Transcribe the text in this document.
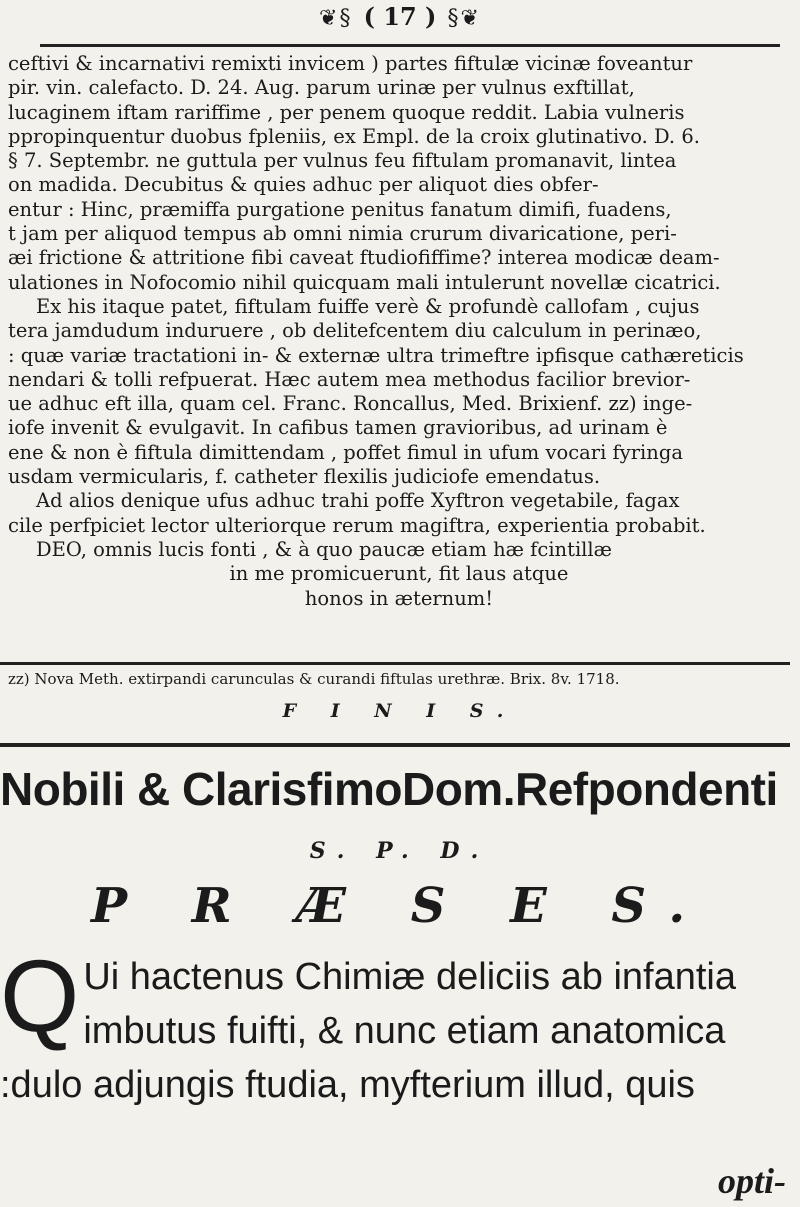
❦§ ( 17 ) §❦
ceftivi & incarnativi remixti invicem ) partes fiftulæ vicinæ foveantur
pir. vin. calefacto. D. 24. Aug. parum urinæ per vulnus exftillat,
lucaginem iftam rariffime , per penem quoque reddit. Labia vulneris
ppropinquentur duobus fpleniis, ex Empl. de la croix glutinativo. D. 6.
§ 7. Septembr. ne guttula per vulnus feu fiftulam promanavit, lintea
on madida. Decubitus & quies adhuc per aliquot dies obfer-
entur : Hinc, præmiffa purgatione penitus fanatum dimifi, fuadens,
t jam per aliquod tempus ab omni nimia crurum divaricatione, peri-
æi frictione & attritione fibi caveat ftudiofiffime? interea modicæ deam-
ulationes in Nofocomio nihil quicquam mali intulerunt novellæ cicatrici.
Ex his itaque patet, fiftulam fuiffe verè & profundè callofam , cujus
tera jamdudum induruere , ob delitefcentem diu calculum in perinæo,
: quæ variæ tractationi in- & externæ ultra trimeftre ipfisque cathæreticis
nendari & tolli refpuerat. Hæc autem mea methodus facilior brevior-
ue adhuc eft illa, quam cel. Franc. Roncallus, Med. Brixienf. zz) inge-
iofe invenit & evulgavit. In cafibus tamen gravioribus, ad urinam è
ene & non è fiftula dimittendam , poffet fimul in ufum vocari fyringa
usdam vermicularis, f. catheter flexilis judiciofe emendatus.
Ad alios denique ufus adhuc trahi poffe Xyftron vegetabile, fagax
cile perfpiciet lector ulteriorque rerum magiftra, experientia probabit.
DEO, omnis lucis fonti , & à quo paucæ etiam hæ fcintillæ
in me promicuerunt, fit laus atque
honos in æternum!
zz) Nova Meth. extirpandi carunculas & curandi fiftulas urethræ. Brix. 8v. 1718.
F I N I S.
Nobili & ClarisfimoDom.Refpondenti
S. P. D.
P R Æ S E S.
Q Ui hactenus Chimiæ deliciis ab infantia
imbutus fuifti, & nunc etiam anatomica
:dulo adjungis ftudia, myfterium illud, quis
opti-
